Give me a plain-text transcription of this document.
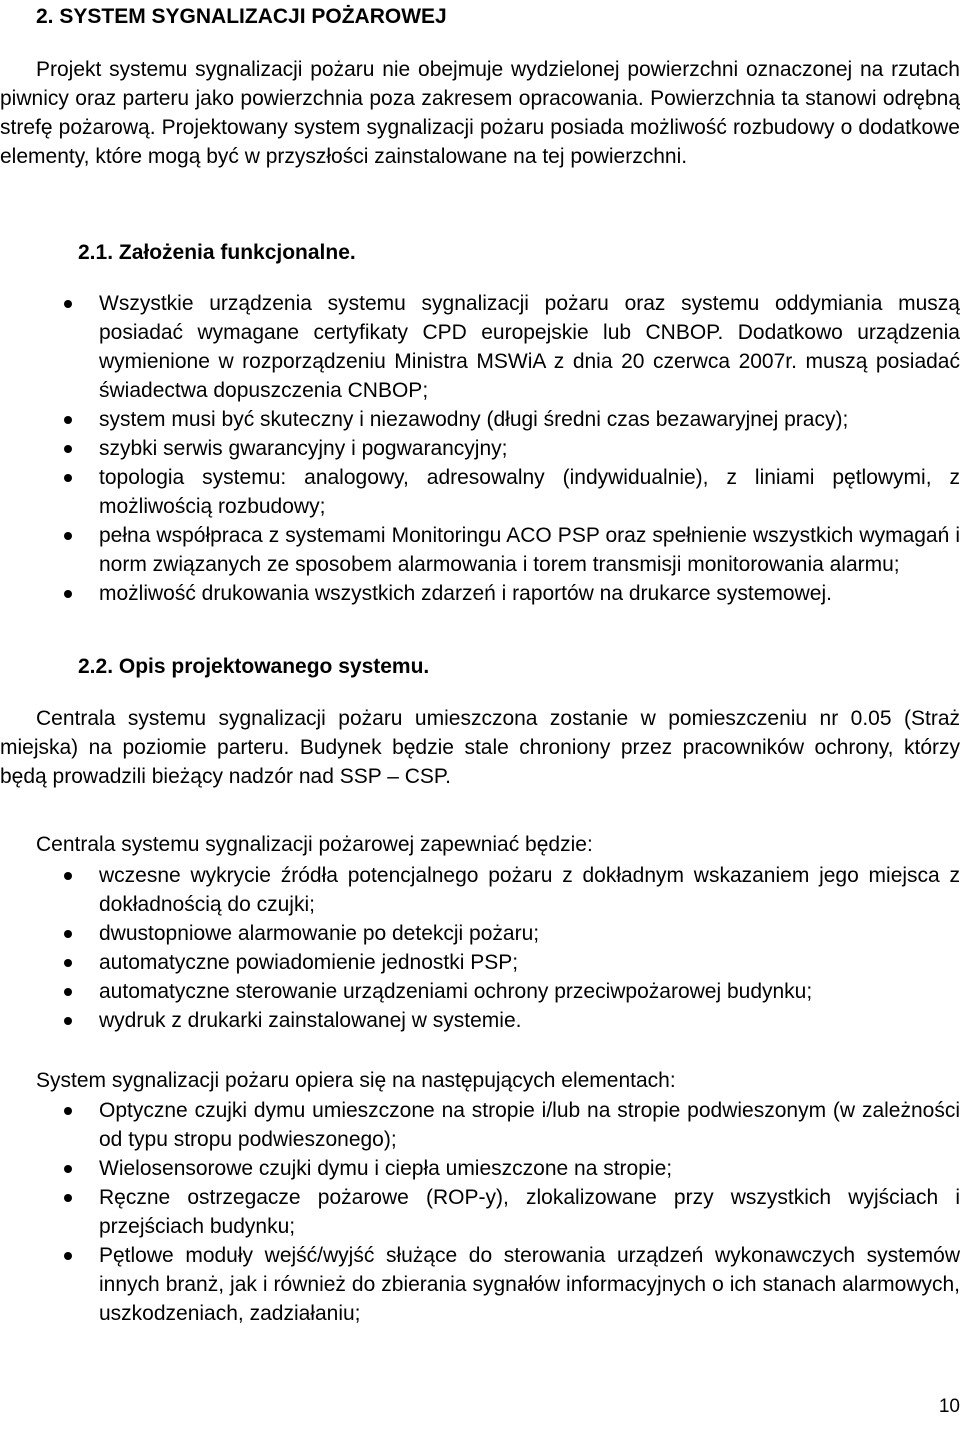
2. SYSTEM SYGNALIZACJI POŻAROWEJ

Projekt systemu sygnalizacji pożaru nie obejmuje wydzielonej powierzchni oznaczonej na rzutach piwnicy oraz parteru jako powierzchnia poza zakresem opracowania. Powierzchnia ta stanowi odrębną strefę pożarową. Projektowany system sygnalizacji pożaru posiada możliwość rozbudowy o dodatkowe elementy, które mogą być w przyszłości zainstalowane na tej powierzchni.

2.1. Założenia funkcjonalne.
Wszystkie urządzenia systemu sygnalizacji pożaru oraz systemu oddymiania muszą posiadać wymagane certyfikaty CPD europejskie lub CNBOP. Dodatkowo urządzenia wymienione w rozporządzeniu Ministra MSWiA z dnia 20 czerwca 2007r. muszą posiadać świadectwa dopuszczenia CNBOP;
system musi być skuteczny i niezawodny (długi średni czas bezawaryjnej pracy);
szybki serwis gwarancyjny i pogwarancyjny;
topologia systemu: analogowy, adresowalny (indywidualnie), z liniami pętlowymi, z możliwością rozbudowy;
pełna współpraca z systemami Monitoringu ACO PSP oraz spełnienie wszystkich wymagań i norm związanych ze sposobem alarmowania i torem transmisji monitorowania alarmu;
możliwość drukowania wszystkich zdarzeń i raportów na drukarce systemowej.
2.2. Opis projektowanego systemu.

Centrala systemu sygnalizacji pożaru umieszczona zostanie w pomieszczeniu nr 0.05 (Straż miejska) na poziomie parteru. Budynek będzie stale chroniony przez pracowników ochrony, którzy będą prowadzili bieżący nadzór nad SSP – CSP.

Centrala systemu sygnalizacji pożarowej zapewniać będzie:

wczesne wykrycie źródła potencjalnego pożaru z dokładnym wskazaniem jego miejsca z dokładnością do czujki;
dwustopniowe alarmowanie po detekcji pożaru;
automatyczne powiadomienie jednostki PSP;
automatyczne sterowanie urządzeniami ochrony przeciwpożarowej budynku;
wydruk z drukarki zainstalowanej w systemie.

System sygnalizacji pożaru opiera się na następujących elementach:

Optyczne czujki dymu umieszczone na stropie i/lub na stropie podwieszonym (w zależności od typu stropu podwieszonego);
Wielosensorowe czujki dymu i ciepła umieszczone na stropie;
Ręczne ostrzegacze pożarowe (ROP-y), zlokalizowane przy wszystkich wyjściach i przejściach budynku;
Pętlowe moduły wejść/wyjść służące do sterowania urządzeń wykonawczych systemów innych branż, jak i również do zbierania sygnałów informacyjnych o ich stanach alarmowych, uszkodzeniach, zadziałaniu;
10
